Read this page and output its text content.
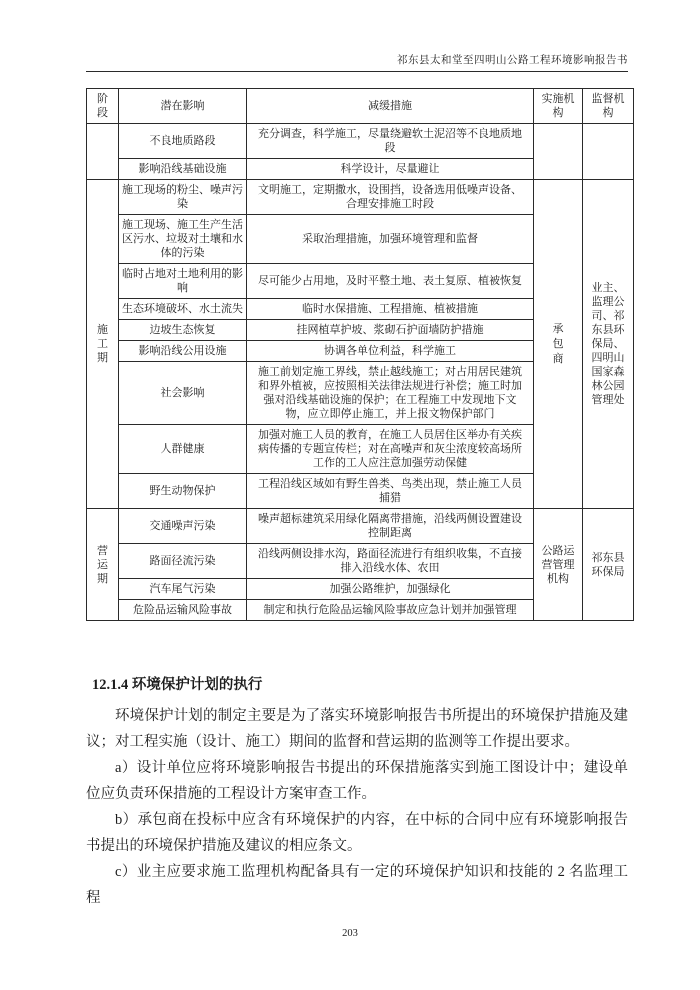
祁东县太和堂至四明山公路工程环境影响报告书
阶段	潜在影响	减缓措施	实施机构	监督机构
	不良地质路段	充分调查，科学施工，尽量绕避软土泥沼等不良地质地段		
	影响沿线基础设施	科学设计，尽量避让		
施工期	施工现场的粉尘、噪声污染	文明施工，定期撒水，设围挡，设备选用低噪声设备、合理安排施工时段	承包商	业主、监理公司、祁东县环保局、四明山国家森林公园管理处
	施工现场、施工生产生活区污水、垃圾对土壤和水体的污染	采取治理措施，加强环境管理和监督		
	临时占地对土地利用的影响	尽可能少占用地，及时平整土地、表土复原、植被恢复		
	生态环境破坏、水土流失	临时水保措施、工程措施、植被措施		
	边坡生态恢复	挂网植草护坡、浆砌石护面墙防护措施		
	影响沿线公用设施	协调各单位利益，科学施工		
	社会影响	施工前划定施工界线，禁止越线施工；对占用居民建筑和界外植被，应按照相关法律法规进行补偿；施工时加强对沿线基础设施的保护；在工程施工中发现地下文物，应立即停止施工，并上报文物保护部门		
	人群健康	加强对施工人员的教育，在施工人员居住区举办有关疾病传播的专题宣传栏；对在高噪声和灰尘浓度较高场所工作的工人应注意加强劳动保健		
	野生动物保护	工程沿线区域如有野生兽类、鸟类出现，禁止施工人员捕猎		
营运期	交通噪声污染	噪声超标建筑采用绿化隔离带措施，沿线两侧设置建设控制距离	公路运营管理机构	祁东县环保局
	路面径流污染	沿线两侧设排水沟，路面径流进行有组织收集，不直接排入沿线水体、农田		
	汽车尾气污染	加强公路维护，加强绿化		
	危险品运输风险事故	制定和执行危险品运输风险事故应急计划并加强管理		
12.1.4 环境保护计划的执行

环境保护计划的制定主要是为了落实环境影响报告书所提出的环境保护措施及建议；对工程实施（设计、施工）期间的监督和营运期的监测等工作提出要求。

a）设计单位应将环境影响报告书提出的环保措施落实到施工图设计中；建设单位应负责环保措施的工程设计方案审查工作。

b）承包商在投标中应含有环境保护的内容，在中标的合同中应有环境影响报告书提出的环境保护措施及建议的相应条文。

c）业主应要求施工监理机构配备具有一定的环境保护知识和技能的 2 名监理工程

203
